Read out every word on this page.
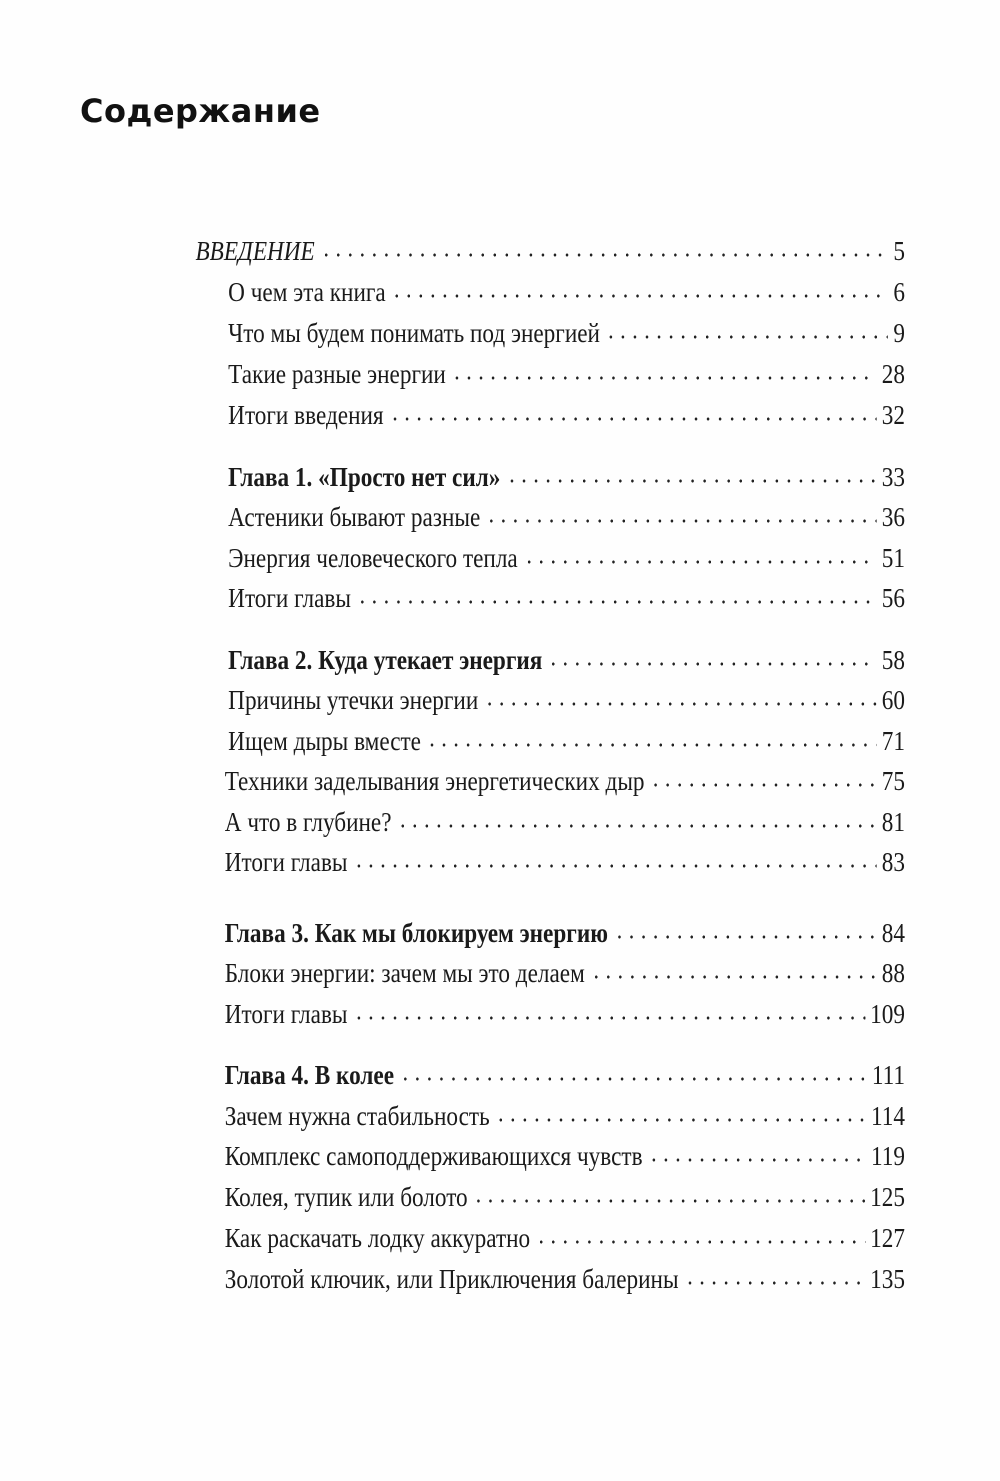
Содержание
ВВЕДЕНИЕ	5
О чем эта книга	6
Что мы будем понимать под энергией	9
Такие разные энергии	28
Итоги введения	32
Глава 1. «Просто нет сил»	33
Астеники бывают разные	36
Энергия человеческого тепла	51
Итоги главы	56
Глава 2. Куда утекает энергия	58
Причины утечки энергии	60
Ищем дыры вместе	71
Техники заделывания энергетических дыр	75
А что в глубине?	81
Итоги главы	83
Глава 3. Как мы блокируем энергию	84
Блоки энергии: зачем мы это делаем	88
Итоги главы	109
Глава 4. В колее	111
Зачем нужна стабильность	114
Комплекс самоподдерживающихся чувств	119
Колея, тупик или болото	125
Как раскачать лодку аккуратно	127
Золотой ключик, или Приключения балерины	135
